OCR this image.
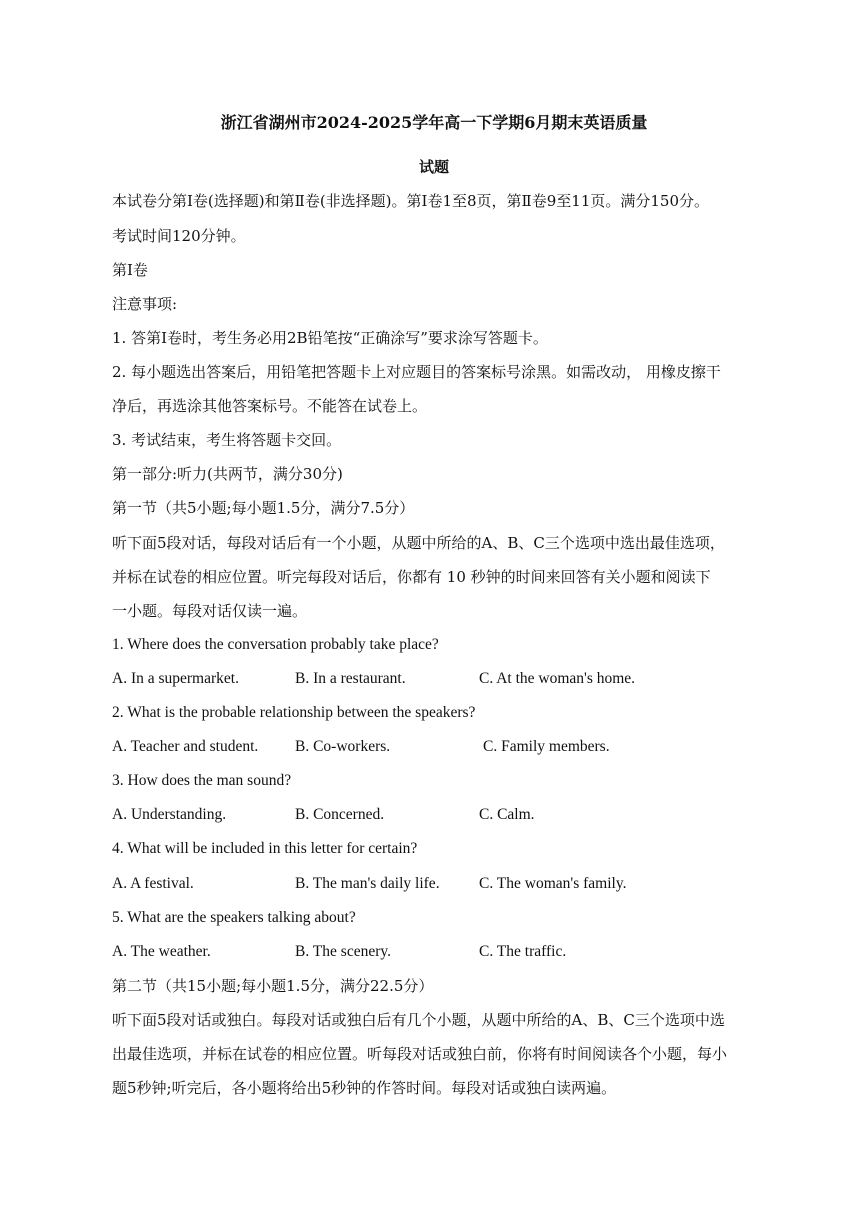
浙江省湖州市2024-2025学年高一下学期6月期末英语质量
试题
本试卷分第Ⅰ卷(选择题)和第Ⅱ卷(非选择题)。第Ⅰ卷1至8页，第Ⅱ卷9至11页。满分150分。
考试时间120分钟。
第Ⅰ卷
注意事项:
1. 答第Ⅰ卷时，考生务必用2B铅笔按“正确涂写”要求涂写答题卡。
2. 每小题选出答案后，用铅笔把答题卡上对应题目的答案标号涂黑。如需改动， 用橡皮擦干
净后，再选涂其他答案标号。不能答在试卷上。
3. 考试结束，考生将答题卡交回。
第一部分:听力(共两节，满分30分)
第一节（共5小题;每小题1.5分，满分7.5分）
听下面5段对话，每段对话后有一个小题，从题中所给的A、B、C三个选项中选出最佳选项，
并标在试卷的相应位置。听完每段对话后，你都有 10 秒钟的时间来回答有关小题和阅读下
一小题。每段对话仅读一遍。
1. Where does the conversation probably take place?
A. In a supermarket.	B. In a restaurant.	C. At the woman's home.
2. What is the probable relationship between the speakers?
A. Teacher and student. B. Co-workers.	C. Family members.
3. How does the man sound?
A. Understanding.	B. Concerned.	C. Calm.
4. What will be included in this letter for certain?
A. A festival.	B. The man's daily life.	C. The woman's family.
5. What are the speakers talking about?
A. The weather.	B. The scenery.	C. The traffic.
第二节（共15小题;每小题1.5分，满分22.5分）
听下面5段对话或独白。每段对话或独白后有几个小题，从题中所给的A、B、C三个选项中选
出最佳选项，并标在试卷的相应位置。听每段对话或独白前，你将有时间阅读各个小题，每小
题5秒钟;听完后，各小题将给出5秒钟的作答时间。每段对话或独白读两遍。
